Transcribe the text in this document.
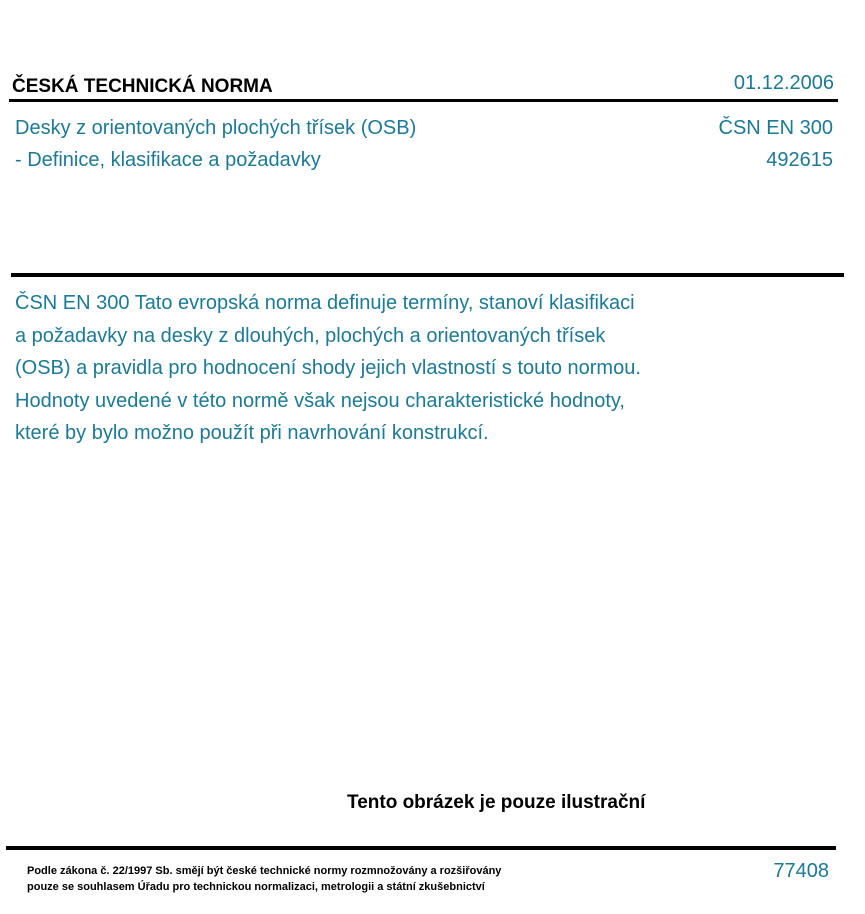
ČESKÁ TECHNICKÁ NORMA	01.12.2006
Desky z orientovaných plochých třísek (OSB)
- Definice, klasifikace a požadavky
ČSN EN 300
492615
ČSN EN 300 Tato evropská norma definuje termíny, stanoví klasifikaci
a požadavky na desky z dlouhých, plochých a orientovaných třísek
(OSB) a pravidla pro hodnocení shody jejich vlastností s touto normou.
Hodnoty uvedené v této normě však nejsou charakteristické hodnoty,
které by bylo možno použít při navrhování konstrukcí.
Tento obrázek je pouze ilustrační
Podle zákona č. 22/1997 Sb. smějí být české technické normy rozmnožovány a rozšiřovány
pouze se souhlasem Úřadu pro technickou normalizaci, metrologii a státní zkušebnictví
77408
